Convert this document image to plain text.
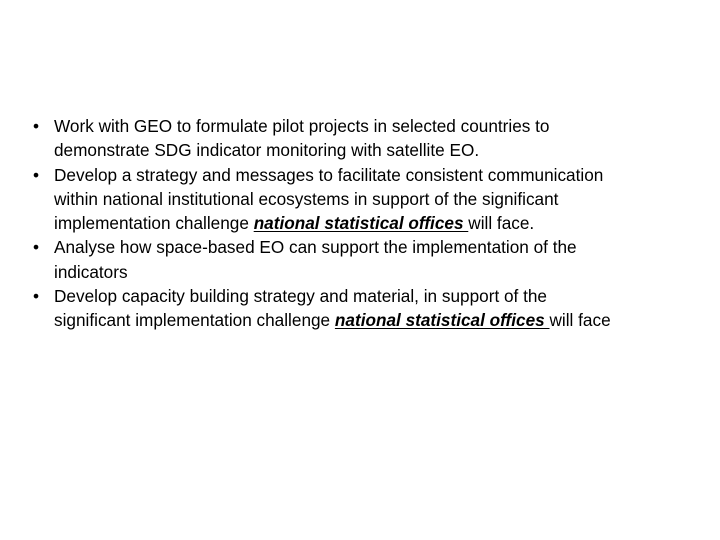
• Work with GEO to formulate pilot projects in selected countries to
demonstrate SDG indicator monitoring with satellite EO.
• Develop a strategy and messages to facilitate consistent communication
within national institutional ecosystems in support of the significant
implementation challenge national statistical offices will face.
• Analyse how space-based EO can support the implementation of the
indicators
• Develop capacity building strategy and material, in support of the
significant implementation challenge national statistical offices will face
